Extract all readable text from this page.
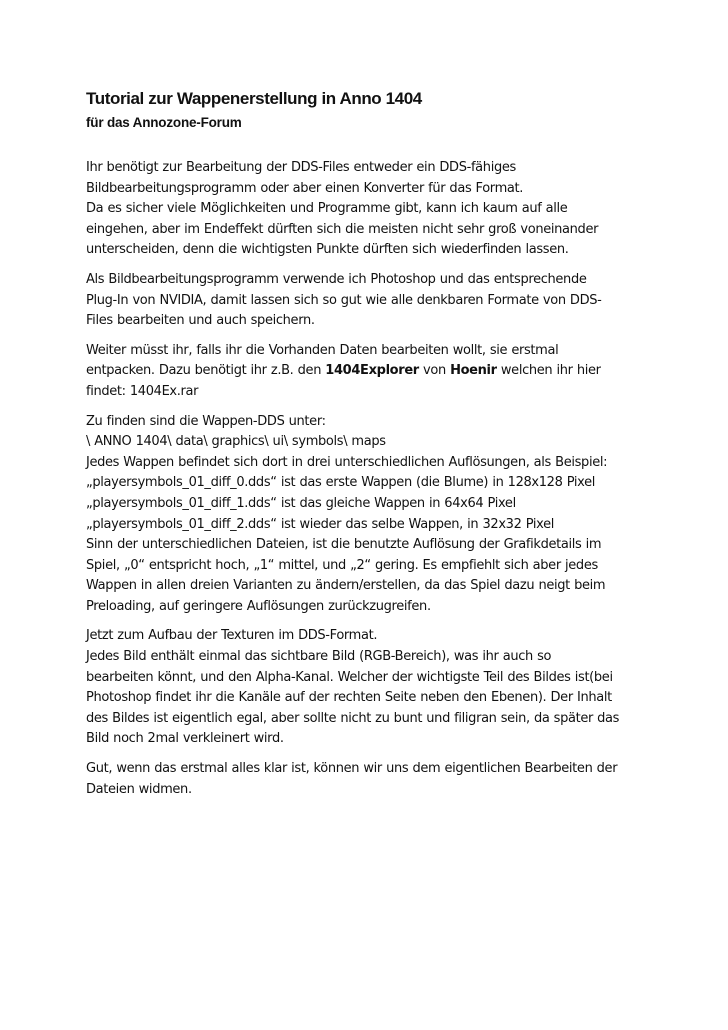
Tutorial zur Wappenerstellung in Anno 1404
für das Annozone-Forum

Ihr benötigt zur Bearbeitung der DDS-Files entweder ein DDS-fähiges
Bildbearbeitungsprogramm oder aber einen Konverter für das Format.
Da es sicher viele Möglichkeiten und Programme gibt, kann ich kaum auf alle
eingehen, aber im Endeffekt dürften sich die meisten nicht sehr groß voneinander
unterscheiden, denn die wichtigsten Punkte dürften sich wiederfinden lassen.

Als Bildbearbeitungsprogramm verwende ich Photoshop und das entsprechende
Plug-In von NVIDIA, damit lassen sich so gut wie alle denkbaren Formate von DDS-
Files bearbeiten und auch speichern.

Weiter müsst ihr, falls ihr die Vorhanden Daten bearbeiten wollt, sie erstmal
entpacken. Dazu benötigt ihr z.B. den 1404Explorer von Hoenir welchen ihr hier
findet: 1404Ex.rar

Zu finden sind die Wappen-DDS unter:
\ ANNO 1404\ data\ graphics\ ui\ symbols\ maps
Jedes Wappen befindet sich dort in drei unterschiedlichen Auflösungen, als Beispiel:
„playersymbols_01_diff_0.dds“ ist das erste Wappen (die Blume) in 128x128 Pixel
„playersymbols_01_diff_1.dds“ ist das gleiche Wappen in 64x64 Pixel
„playersymbols_01_diff_2.dds“ ist wieder das selbe Wappen, in 32x32 Pixel
Sinn der unterschiedlichen Dateien, ist die benutzte Auflösung der Grafikdetails im
Spiel, „0“ entspricht hoch, „1“ mittel, und „2“ gering. Es empfiehlt sich aber jedes
Wappen in allen dreien Varianten zu ändern/erstellen, da das Spiel dazu neigt beim
Preloading, auf geringere Auflösungen zurückzugreifen.

Jetzt zum Aufbau der Texturen im DDS-Format.
Jedes Bild enthält einmal das sichtbare Bild (RGB-Bereich), was ihr auch so
bearbeiten könnt, und den Alpha-Kanal. Welcher der wichtigste Teil des Bildes ist(bei
Photoshop findet ihr die Kanäle auf der rechten Seite neben den Ebenen). Der Inhalt
des Bildes ist eigentlich egal, aber sollte nicht zu bunt und filigran sein, da später das
Bild noch 2mal verkleinert wird.

Gut, wenn das erstmal alles klar ist, können wir uns dem eigentlichen Bearbeiten der
Dateien widmen.
